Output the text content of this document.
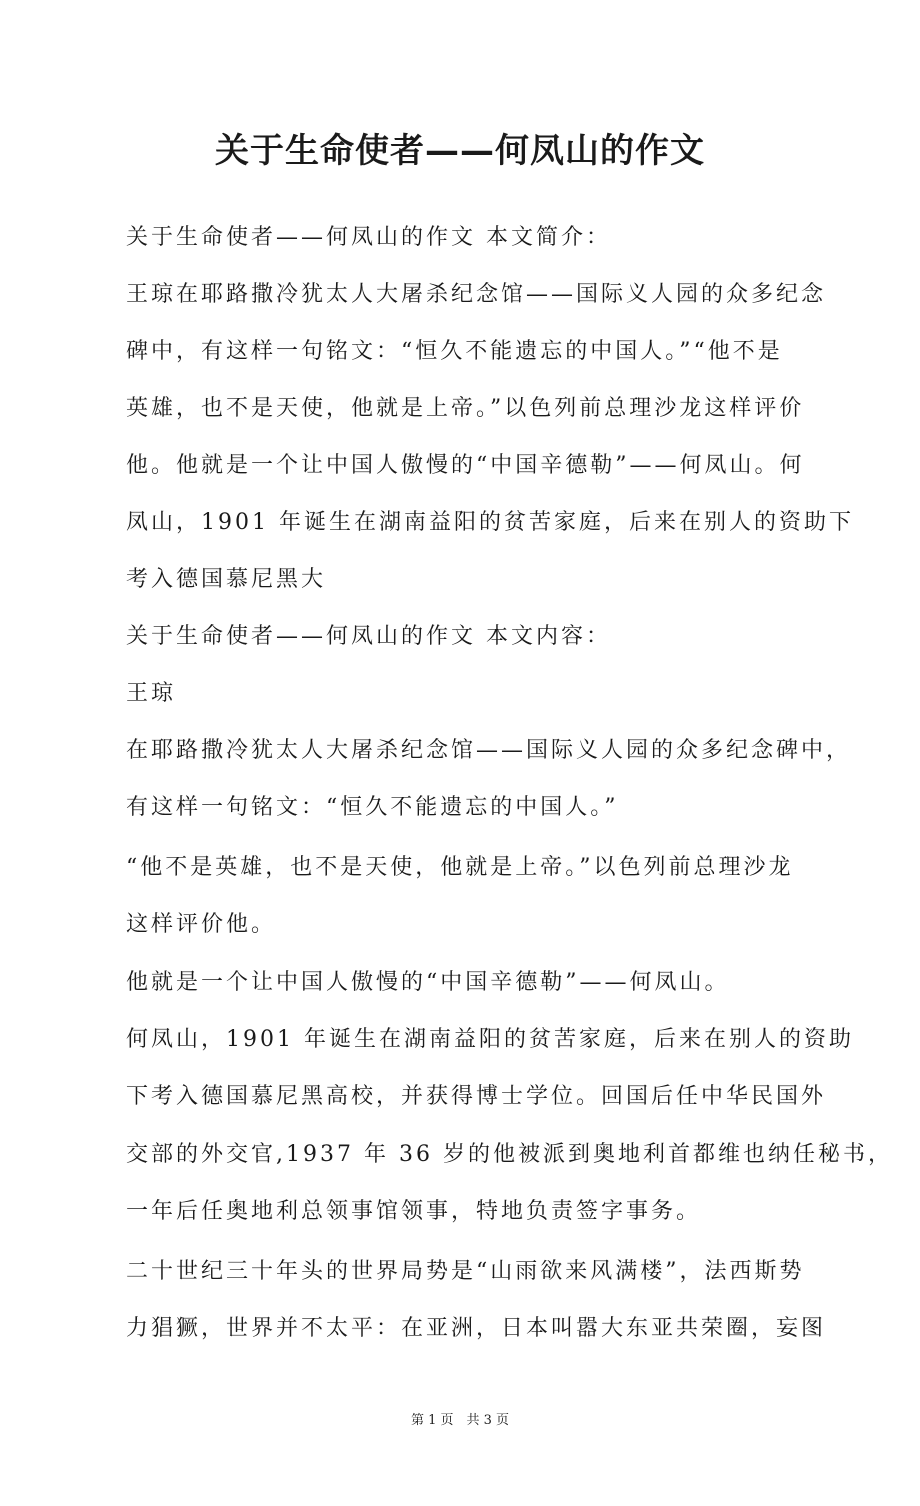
关于生命使者——何凤山的作文

关于生命使者——何凤山的作文 本文简介：

王琼在耶路撒冷犹太人大屠杀纪念馆——国际义人园的众多纪念

碑中，有这样一句铭文：“恒久不能遗忘的中国人。”“他不是

英雄，也不是天使，他就是上帝。”以色列前总理沙龙这样评价

他。他就是一个让中国人傲慢的“中国辛德勒”——何凤山。何

凤山，1901 年诞生在湖南益阳的贫苦家庭，后来在别人的资助下

考入德国慕尼黑大

关于生命使者——何凤山的作文 本文内容：

王琼

在耶路撒冷犹太人大屠杀纪念馆——国际义人园的众多纪念碑中，

有这样一句铭文：“恒久不能遗忘的中国人。”

“他不是英雄，也不是天使，他就是上帝。”以色列前总理沙龙

这样评价他。

他就是一个让中国人傲慢的“中国辛德勒”——何凤山。

何凤山，1901 年诞生在湖南益阳的贫苦家庭，后来在别人的资助

下考入德国慕尼黑高校，并获得博士学位。回国后任中华民国外

交部的外交官,1937 年 36 岁的他被派到奥地利首都维也纳任秘书，

一年后任奥地利总领事馆领事，特地负责签字事务。

二十世纪三十年头的世界局势是“山雨欲来风满楼”，法西斯势

力猖獗，世界并不太平：在亚洲，日本叫嚣大东亚共荣圈，妄图

第 1 页　共 3 页
